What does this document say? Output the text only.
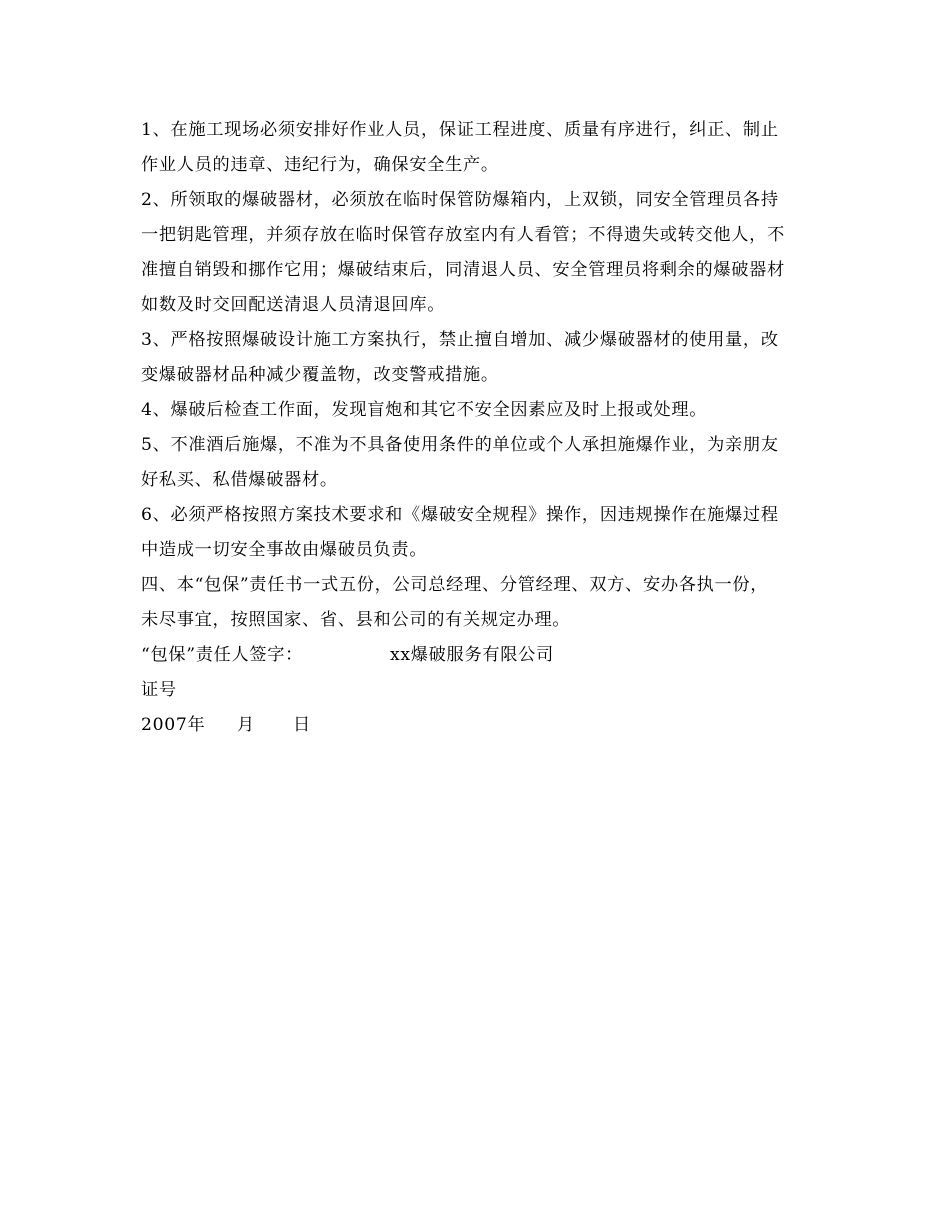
1、在施工现场必须安排好作业人员，保证工程进度、质量有序进行，纠正、制止
作业人员的违章、违纪行为，确保安全生产。

2、所领取的爆破器材，必须放在临时保管防爆箱内，上双锁，同安全管理员各持
一把钥匙管理，并须存放在临时保管存放室内有人看管；不得遗失或转交他人，不
准擅自销毁和挪作它用；爆破结束后，同清退人员、安全管理员将剩余的爆破器材
如数及时交回配送清退人员清退回库。

3、严格按照爆破设计施工方案执行，禁止擅自增加、减少爆破器材的使用量，改
变爆破器材品种减少覆盖物，改变警戒措施。

4、爆破后检查工作面，发现盲炮和其它不安全因素应及时上报或处理。

5、不准酒后施爆，不准为不具备使用条件的单位或个人承担施爆作业，为亲朋友
好私买、私借爆破器材。

6、必须严格按照方案技术要求和《爆破安全规程》操作，因违规操作在施爆过程
中造成一切安全事故由爆破员负责。

四、本“包保”责任书一式五份，公司总经理、分管经理、双方、安办各执一份，
未尽事宜，按照国家、省、县和公司的有关规定办理。

“包保”责任人签字：	xx爆破服务有限公司
证号
2007年 月 日
